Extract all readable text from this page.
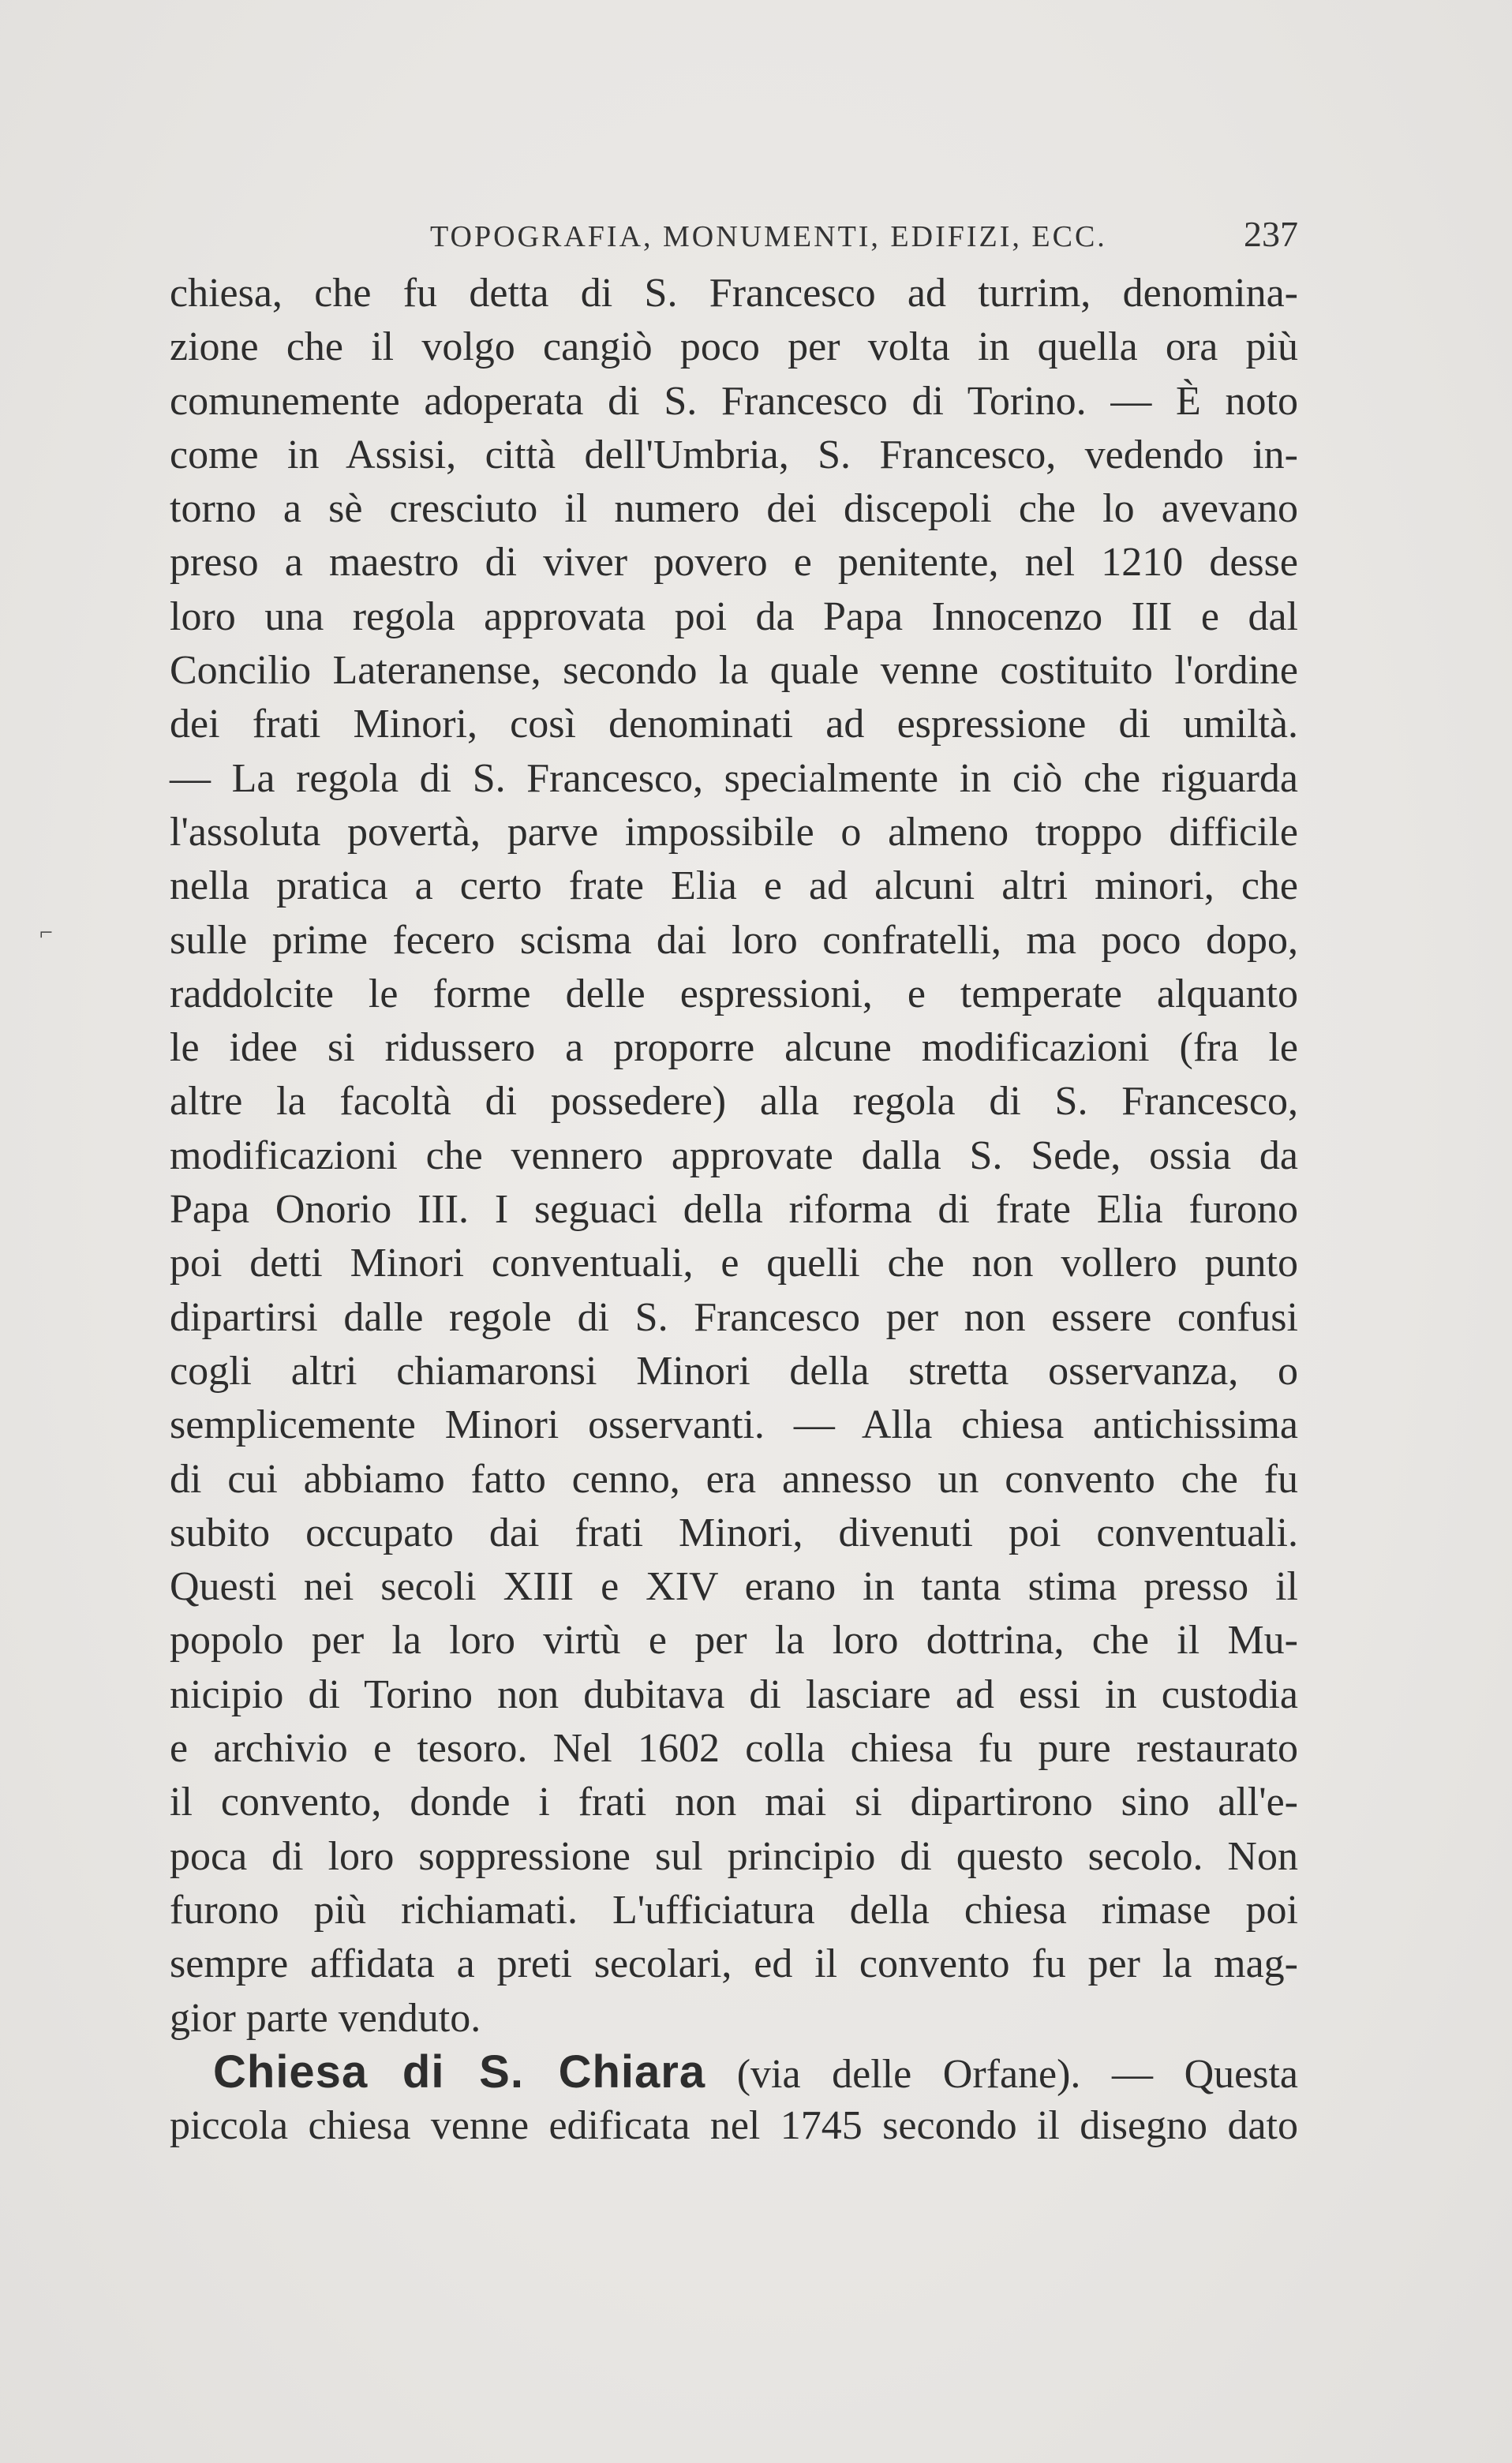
TOPOGRAFIA, MONUMENTI, EDIFIZI, ECC.	237
chiesa, che fu detta di S. Francesco ad turrim, denomina-
zione che il volgo cangiò poco per volta in quella ora più
comunemente adoperata di S. Francesco di Torino. — È noto
come in Assisi, città dell'Umbria, S. Francesco, vedendo in-
torno a sè cresciuto il numero dei discepoli che lo avevano
preso a maestro di viver povero e penitente, nel 1210 desse
loro una regola approvata poi da Papa Innocenzo III e dal
Concilio Lateranense, secondo la quale venne costituito l'ordine
dei frati Minori, così denominati ad espressione di umiltà.
— La regola di S. Francesco, specialmente in ciò che riguarda
l'assoluta povertà, parve impossibile o almeno troppo difficile
nella pratica a certo frate Elia e ad alcuni altri minori, che
sulle prime fecero scisma dai loro confratelli, ma poco dopo,
raddolcite le forme delle espressioni, e temperate alquanto
le idee si ridussero a proporre alcune modificazioni (fra le
altre la facoltà di possedere) alla regola di S. Francesco,
modificazioni che vennero approvate dalla S. Sede, ossia da
Papa Onorio III. I seguaci della riforma di frate Elia furono
poi detti Minori conventuali, e quelli che non vollero punto
dipartirsi dalle regole di S. Francesco per non essere confusi
cogli altri chiamaronsi Minori della stretta osservanza, o
semplicemente Minori osservanti. — Alla chiesa antichissima
di cui abbiamo fatto cenno, era annesso un convento che fu
subito occupato dai frati Minori, divenuti poi conventuali.
Questi nei secoli XIII e XIV erano in tanta stima presso il
popolo per la loro virtù e per la loro dottrina, che il Mu-
nicipio di Torino non dubitava di lasciare ad essi in custodia
e archivio e tesoro. Nel 1602 colla chiesa fu pure restaurato
il convento, donde i frati non mai si dipartirono sino all'e-
poca di loro soppressione sul principio di questo secolo. Non
furono più richiamati. L'ufficiatura della chiesa rimase poi
sempre affidata a preti secolari, ed il convento fu per la mag-
gior parte venduto.
Chiesa di S. Chiara (via delle Orfane). — Questa
piccola chiesa venne edificata nel 1745 secondo il disegno dato
⌐
